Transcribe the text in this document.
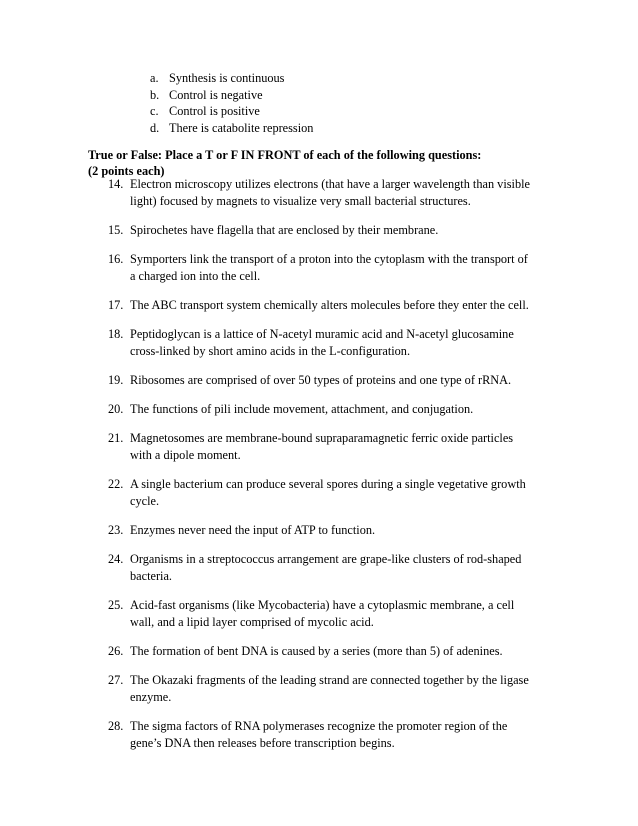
a. Synthesis is continuous
b. Control is negative
c. Control is positive
d. There is catabolite repression
True or False: Place a T or F IN FRONT of each of the following questions:
(2 points each)
14. Electron microscopy utilizes electrons (that have a larger wavelength than visible
light) focused by magnets to visualize very small bacterial structures.
15. Spirochetes have flagella that are enclosed by their membrane.
16. Symporters link the transport of a proton into the cytoplasm with the transport of
a charged ion into the cell.
17. The ABC transport system chemically alters molecules before they enter the cell.
18. Peptidoglycan is a lattice of N-acetyl muramic acid and N-acetyl glucosamine
cross-linked by short amino acids in the L-configuration.
19. Ribosomes are comprised of over 50 types of proteins and one type of rRNA.
20. The functions of pili include movement, attachment, and conjugation.
21. Magnetosomes are membrane-bound supraparamagnetic ferric oxide particles
with a dipole moment.
22. A single bacterium can produce several spores during a single vegetative growth
cycle.
23. Enzymes never need the input of ATP to function.
24. Organisms in a streptococcus arrangement are grape-like clusters of rod-shaped
bacteria.
25. Acid-fast organisms (like Mycobacteria) have a cytoplasmic membrane, a cell
wall, and a lipid layer comprised of mycolic acid.
26. The formation of bent DNA is caused by a series (more than 5) of adenines.
27. The Okazaki fragments of the leading strand are connected together by the ligase
enzyme.
28. The sigma factors of RNA polymerases recognize the promoter region of the
gene’s DNA then releases before transcription begins.
